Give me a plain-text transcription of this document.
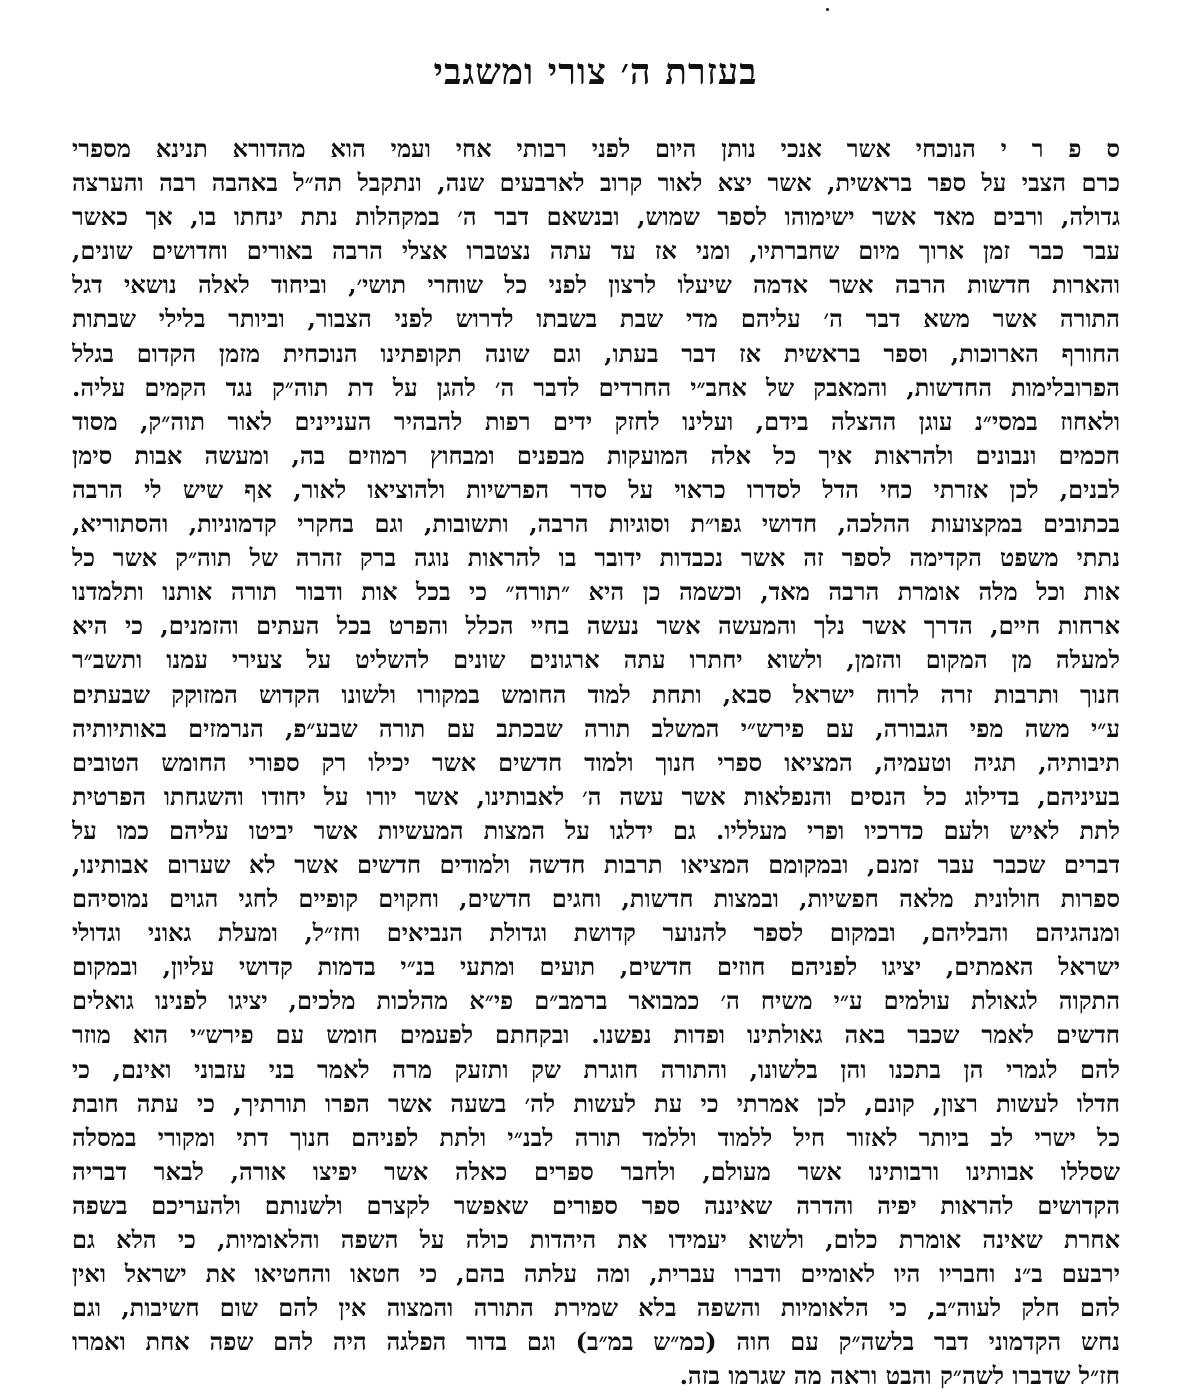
בעזרת ה׳ צורי ומשגבי
ס פ ר י הנוכחי אשר אנכי נותן היום לפני רבותי אחי ועמי הוא מהדורא תנינא מספרי
כרם הצבי על ספר בראשית, אשר יצא לאור קרוב לארבעים שנה, ונתקבל תה״ל באהבה רבה והערצה
גדולה, ורבים מאד אשר ישימוהו לספר שמוש, ובנשאם דבר ה׳ במקהלות נתת ינחתו בו, אך כאשר
עבר כבר זמן ארוך מיום שחברתיו, ומני אז עד עתה נצטברו אצלי הרבה באורים וחדושים שונים,
והארות חדשות הרבה אשר אדמה שיעלו לרצון לפני כל שוחרי תושי׳, וביחוד לאלה נושאי דגל
התורה אשר משא דבר ה׳ עליהם מדי שבת בשבתו לדרוש לפני הצבור, וביותר בלילי שבתות
החורף הארוכות, וספר בראשית אז דבר בעתו, וגם שונה תקופתינו הנוכחית מזמן הקדום בגלל
הפרובלימות החדשות, והמאבק של אחב״י החרדים לדבר ה׳ להגן על דת תוה״ק נגד הקמים עליה.
ולאחוז במסי״נ עוגן ההצלה בידם, ועלינו לחזק ידים רפות להבהיר העניינים לאור תוה״ק, מסוד
חכמים ונבונים ולהראות איך כל אלה המועקות מבפנים ומבחוץ רמוזים בה, ומעשה אבות סימן
לבנים, לכן אזרתי כחי הדל לסדרו כראוי על סדר הפרשיות ולהוציאו לאור, אף שיש לי הרבה
בכתובים במקצועות ההלכה, חדושי גפו״ת וסוגיות הרבה, ותשובות, וגם בחקרי קדמוניות, והסתוריא,
נתתי משפט הקדימה לספר זה אשר נכבדות ידובר בו להראות נוגה ברק זהרה של תוה״ק אשר כל
אות וכל מלה אומרת הרבה מאד, וכשמה כן היא ״תורה״ כי בכל אות ודבור תורה אותנו ותלמדנו
ארחות חיים, הדרך אשר נלך והמעשה אשר נעשה בחיי הכלל והפרט בכל העתים והזמנים, כי היא
למעלה מן המקום והזמן, ולשוא יחתרו עתה ארגונים שונים להשליט על צעירי עמנו ותשב״ר
חנוך ותרבות זרה לרוח ישראל סבא, ותחת למוד החומש במקורו ולשונו הקדוש המזוקק שבעתים
ע״י משה מפי הגבורה, עם פירש״י המשלב תורה שבכתב עם תורה שבע״פ, הנרמזים באותיותיה
תיבותיה, תגיה וטעמיה, המציאו ספרי חנוך ולמוד חדשים אשר יכילו רק ספורי החומש הטובים
בעיניהם, בדילוג כל הנסים והנפלאות אשר עשה ה׳ לאבותינו, אשר יורו על יחודו והשגחתו הפרטית
לתת לאיש ולעם כדרכיו ופרי מעלליו. גם ידלגו על המצות המעשיות אשר יביטו עליהם כמו על
דברים שכבר עבר זמנם, ובמקומם המציאו תרבות חדשה ולמודים חדשים אשר לא שערום אבותינו,
ספרות חולונית מלאה חפשיות, ובמצות חדשות, וחגים חדשים, וחקוים קופיים לחגי הגוים נמוסיהם
ומנהגיהם והבליהם, ובמקום לספר להנוער קדושת וגדולת הנביאים וחז״ל, ומעלת גאוני וגדולי
ישראל האמתים, יציגו לפניהם חוזים חדשים, תועים ומתעי בנ״י בדמות קדושי עליון, ובמקום
התקוה לגאולת עולמים ע״י משיח ה׳ כמבואר ברמב״ם פי״א מהלכות מלכים, יציגו לפנינו גואלים
חדשים לאמר שכבר באה גאולתינו ופדות נפשנו. ובקחתם לפעמים חומש עם פירש״י הוא מוזר
להם לגמרי הן בתכנו והן בלשונו, והתורה חוגרת שק ותזעק מרה לאמר בני עזבוני ואינם, כי
חדלו לעשות רצון, קונם, לכן אמרתי כי עת לעשות לה׳ בשעה אשר הפרו תורתיך, כי עתה חובת
כל ישרי לב ביותר לאזור חיל ללמוד וללמד תורה לבנ״י ולתת לפניהם חנוך דתי ומקורי במסלה
שסללו אבותינו ורבותינו אשר מעולם, ולחבר ספרים כאלה אשר יפיצו אורה, לבאר דבריה
הקדושים להראות יפיה והדרה שאיננה ספר ספורים שאפשר לקצרם ולשנותם ולהעריכם בשפה
אחרת שאינה אומרת כלום, ולשוא יעמידו את היהדות כולה על השפה והלאומיות, כי הלא גם
ירבעם ב״נ וחבריו היו לאומיים ודברו עברית, ומה עלתה בהם, כי חטאו והחטיאו את ישראל ואין
להם חלק לעוה״ב, כי הלאומיות והשפה בלא שמירת התורה והמצוה אין להם שום חשיבות, וגם
נחש הקדמוני דבר בלשה״ק עם חוה (כמ״ש במ״ב) וגם בדור הפלגה היה להם שפה אחת ואמרו
חז״ל שדברו לשה״ק והבט וראה מה שגרמו בזה.
